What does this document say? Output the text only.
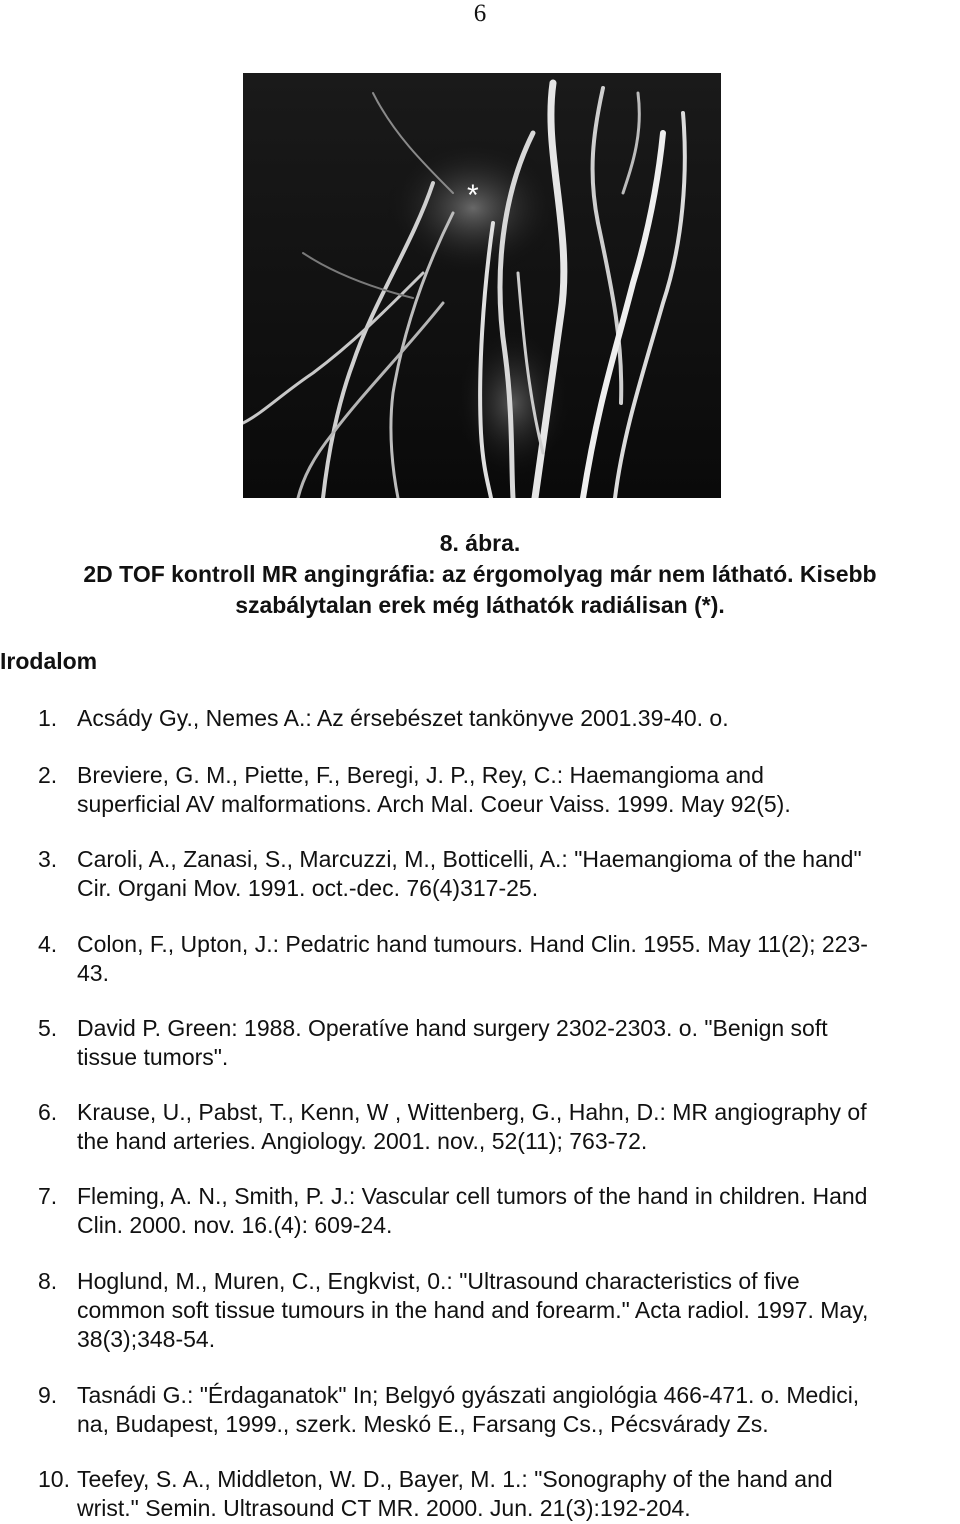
6
*
8. ábra.
2D TOF kontroll MR angingráfia: az érgomolyag már nem látható. Kisebb
szabálytalan erek még láthatók radiálisan (*).
Irodalom
1. Acsády Gy., Nemes A.: Az érsebészet tankönyve 2001.39-40. o.
2. Breviere, G. M., Piette, F., Beregi, J. P., Rey, C.: Haemangioma and
superficial AV malformations. Arch Mal. Coeur Vaiss. 1999. May 92(5).
3. Caroli, A., Zanasi, S., Marcuzzi, M., Botticelli, A.: "Haemangioma of the hand"
Cir. Organi Mov. 1991. oct.-dec. 76(4)317-25.
4. Colon, F., Upton, J.: Pedatric hand tumours. Hand Clin. 1955. May 11(2); 223-
43.
5. David P. Green: 1988. Operatíve hand surgery 2302-2303. o. "Benign soft
tissue tumors".
6. Krause, U., Pabst, T., Kenn, W , Wittenberg, G., Hahn, D.: MR angiography of
the hand arteries. Angiology. 2001. nov., 52(11); 763-72.
7. Fleming, A. N., Smith, P. J.: Vascular cell tumors of the hand in children. Hand
Clin. 2000. nov. 16.(4): 609-24.
8. Hoglund, M., Muren, C., Engkvist, 0.: "Ultrasound characteristics of five
common soft tissue tumours in the hand and forearm." Acta radiol. 1997. May,
38(3);348-54.
9. Tasnádi G.: "Érdaganatok" In; Belgyó gyászati angiológia 466-471. o. Medici,
na, Budapest, 1999., szerk. Meskó E., Farsang Cs., Pécsvárady Zs.
10. Teefey, S. A., Middleton, W. D., Bayer, M. 1.: "Sonography of the hand and
wrist." Semin. Ultrasound CT MR. 2000. Jun. 21(3):192-204.
